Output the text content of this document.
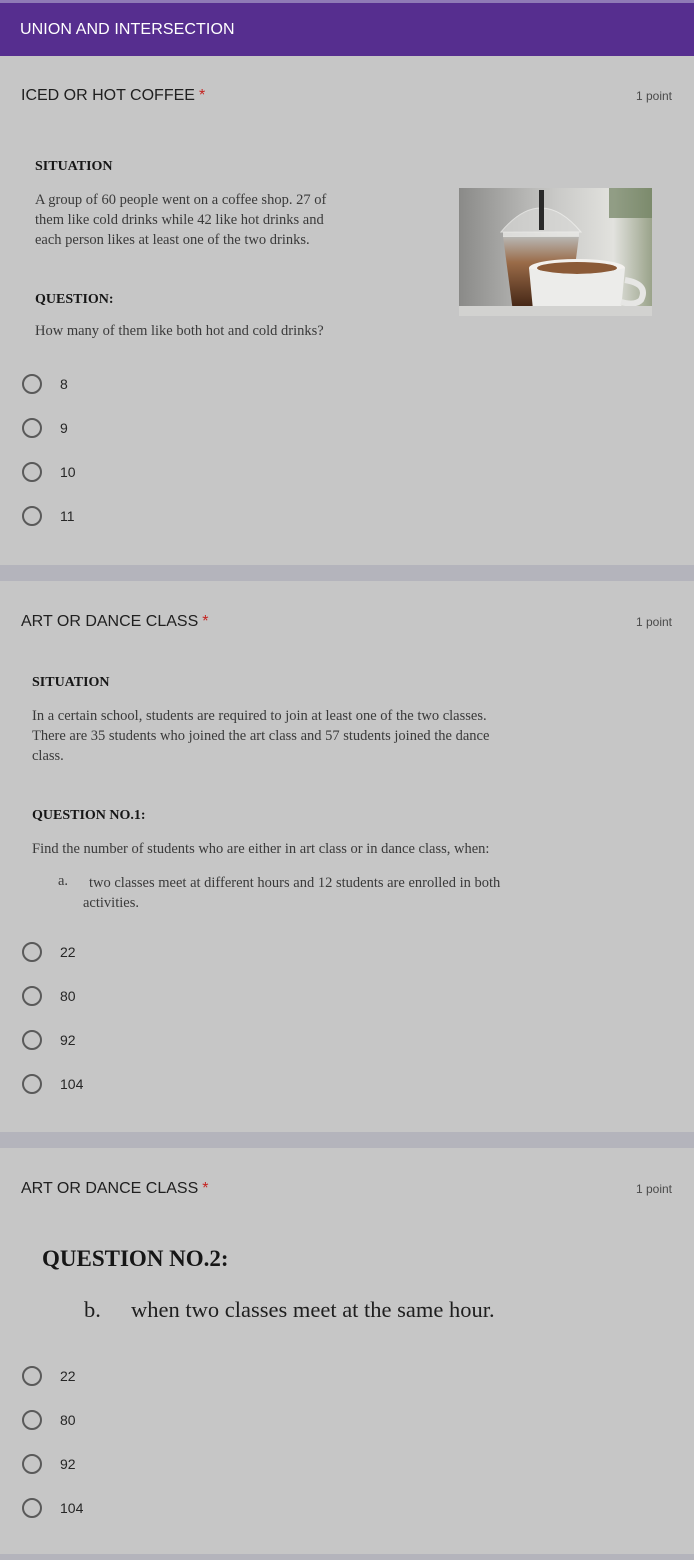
UNION AND INTERSECTION
ICED OR HOT COFFEE *	1 point
SITUATION
A group of 60 people went on a coffee shop. 27 of
them like cold drinks while 42 like hot drinks and
each person likes at least one of the two drinks.
QUESTION:
How many of them like both hot and cold drinks?
8
9
10
11
ART OR DANCE CLASS *	1 point
SITUATION
In a certain school, students are required to join at least one of the two classes.
There are 35 students who joined the art class and 57 students joined the dance
class.
QUESTION NO.1:
Find the number of students who are either in art class or in dance class, when:
a.	two classes meet at different hours and 12 students are enrolled in both
activities.
22
80
92
104
ART OR DANCE CLASS *	1 point
QUESTION NO.2:
b. when two classes meet at the same hour.
22
80
92
104
